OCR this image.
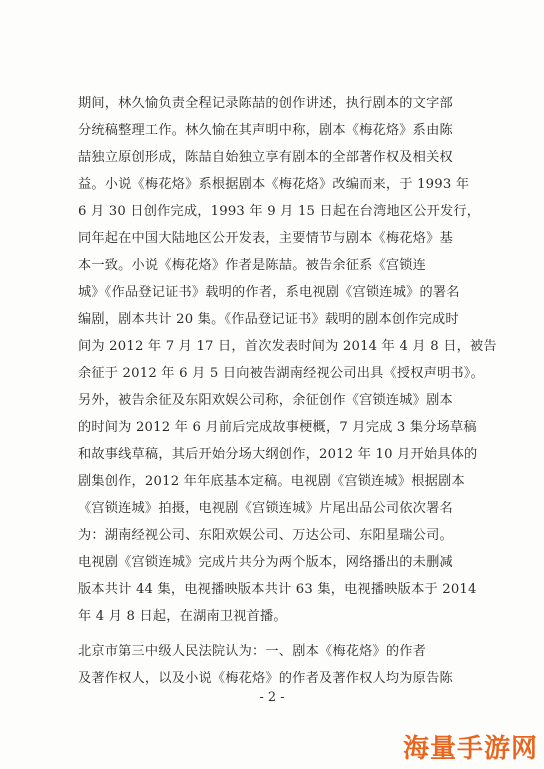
期间，林久愉负责全程记录陈喆的创作讲述，执行剧本的文字部
分统稿整理工作。林久愉在其声明中称，剧本《梅花烙》系由陈
喆独立原创形成，陈喆自始独立享有剧本的全部著作权及相关权
益。小说《梅花烙》系根据剧本《梅花烙》改编而来，于 1993 年
6 月 30 日创作完成，1993 年 9 月 15 日起在台湾地区公开发行，
同年起在中国大陆地区公开发表，主要情节与剧本《梅花烙》基
本一致。小说《梅花烙》作者是陈喆。被告余征系《宫锁连
城》《作品登记证书》载明的作者，系电视剧《宫锁连城》的署名
编剧，剧本共计 20 集。《作品登记证书》载明的剧本创作完成时
间为 2012 年 7 月 17 日，首次发表时间为 2014 年 4 月 8 日，被告
余征于 2012 年 6 月 5 日向被告湖南经视公司出具《授权声明书》。
另外，被告余征及东阳欢娱公司称，余征创作《宫锁连城》剧本
的时间为 2012 年 6 月前后完成故事梗概，7 月完成 3 集分场草稿
和故事线草稿，其后开始分场大纲创作，2012 年 10 月开始具体的
剧集创作，2012 年年底基本定稿。电视剧《宫锁连城》根据剧本
《宫锁连城》拍摄，电视剧《宫锁连城》片尾出品公司依次署名
为：湖南经视公司、东阳欢娱公司、万达公司、东阳星瑞公司。
电视剧《宫锁连城》完成片共分为两个版本，网络播出的未删减
版本共计 44 集，电视播映版本共计 63 集，电视播映版本于 2014
年 4 月 8 日起，在湖南卫视首播。
北京市第三中级人民法院认为：一、剧本《梅花烙》的作者
及著作权人，以及小说《梅花烙》的作者及著作权人均为原告陈
- 2 -
海量手游网
